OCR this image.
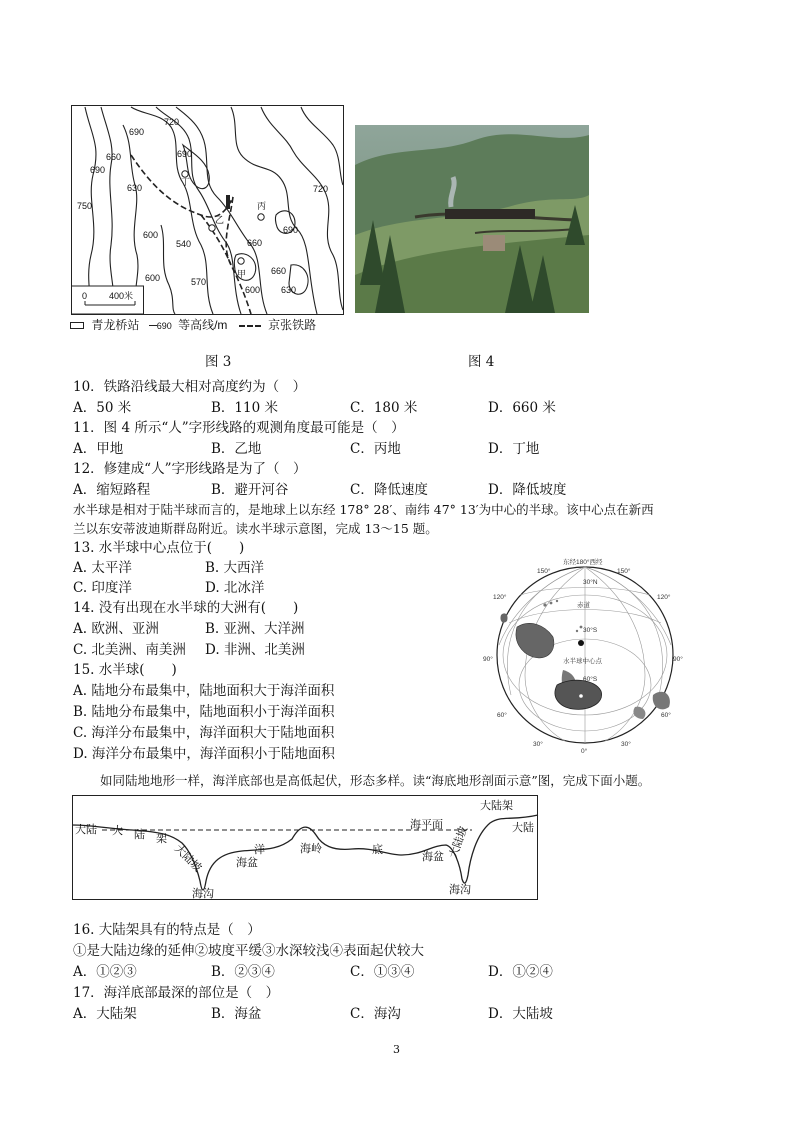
720
690
660	690
690
630
750
600
540	660
720
690
600	570
660
600 630
丁
丙
乙
甲
0 400米
青龙桥站 690 等高线/m	京张铁路
图 3	图 4
10．铁路沿线最大相对高度约为（　）
A．50 米	B．110 米	C．180 米	D．660 米
11．图 4 所示“人”字形线路的观测角度最可能是（　）
A．甲地	B．乙地	C．丙地	D．丁地
12．修建成“人”字形线路是为了（　）
A．缩短路程	B．避开河谷	C．降低速度	D．降低坡度
水半球是相对于陆半球而言的，是地球上以东经 178° 28′、南纬 47° 13′为中心的半球。该中心点在新西
兰以东安蒂波迪斯群岛附近。读水半球示意图，完成 13～15 题。
13. 水半球中心点位于(　　)
A. 太平洋	B. 大西洋
C. 印度洋	D. 北冰洋
14. 没有出现在水半球的大洲有(　　)
A. 欧洲、亚洲	B. 亚洲、大洋洲
C. 北美洲、南美洲 D. 非洲、北美洲
15. 水半球(　　)
A. 陆地分布最集中，陆地面积大于海洋面积
B. 陆地分布最集中，陆地面积小于海洋面积
C. 海洋分布最集中，海洋面积大于陆地面积
D. 海洋分布最集中，海洋面积小于陆地面积
东经180°西经
30°N
赤道
30°S
60°S
水半球中心点
150°	150°
120°	120°
90°	90°
60°	60°
30°	30°
0°
如同陆地地形一样，海洋底部也是高低起伏，形态多样。读“海底地形剖面示意”图，完成下面小题。
大陆	大陆
大 陆 架
海平面
洋	底
海盆	海盆
海岭
海沟	海沟
大陆坡
大陆架
大陆坡
16. 大陆架具有的特点是（　）
①是大陆边缘的延伸②坡度平缓③水深较浅④表面起伏较大
A．①②③	B．②③④	C．①③④	D．①②④
17．海洋底部最深的部位是（　）
A．大陆架	B．海盆	C．海沟	D．大陆坡
3
